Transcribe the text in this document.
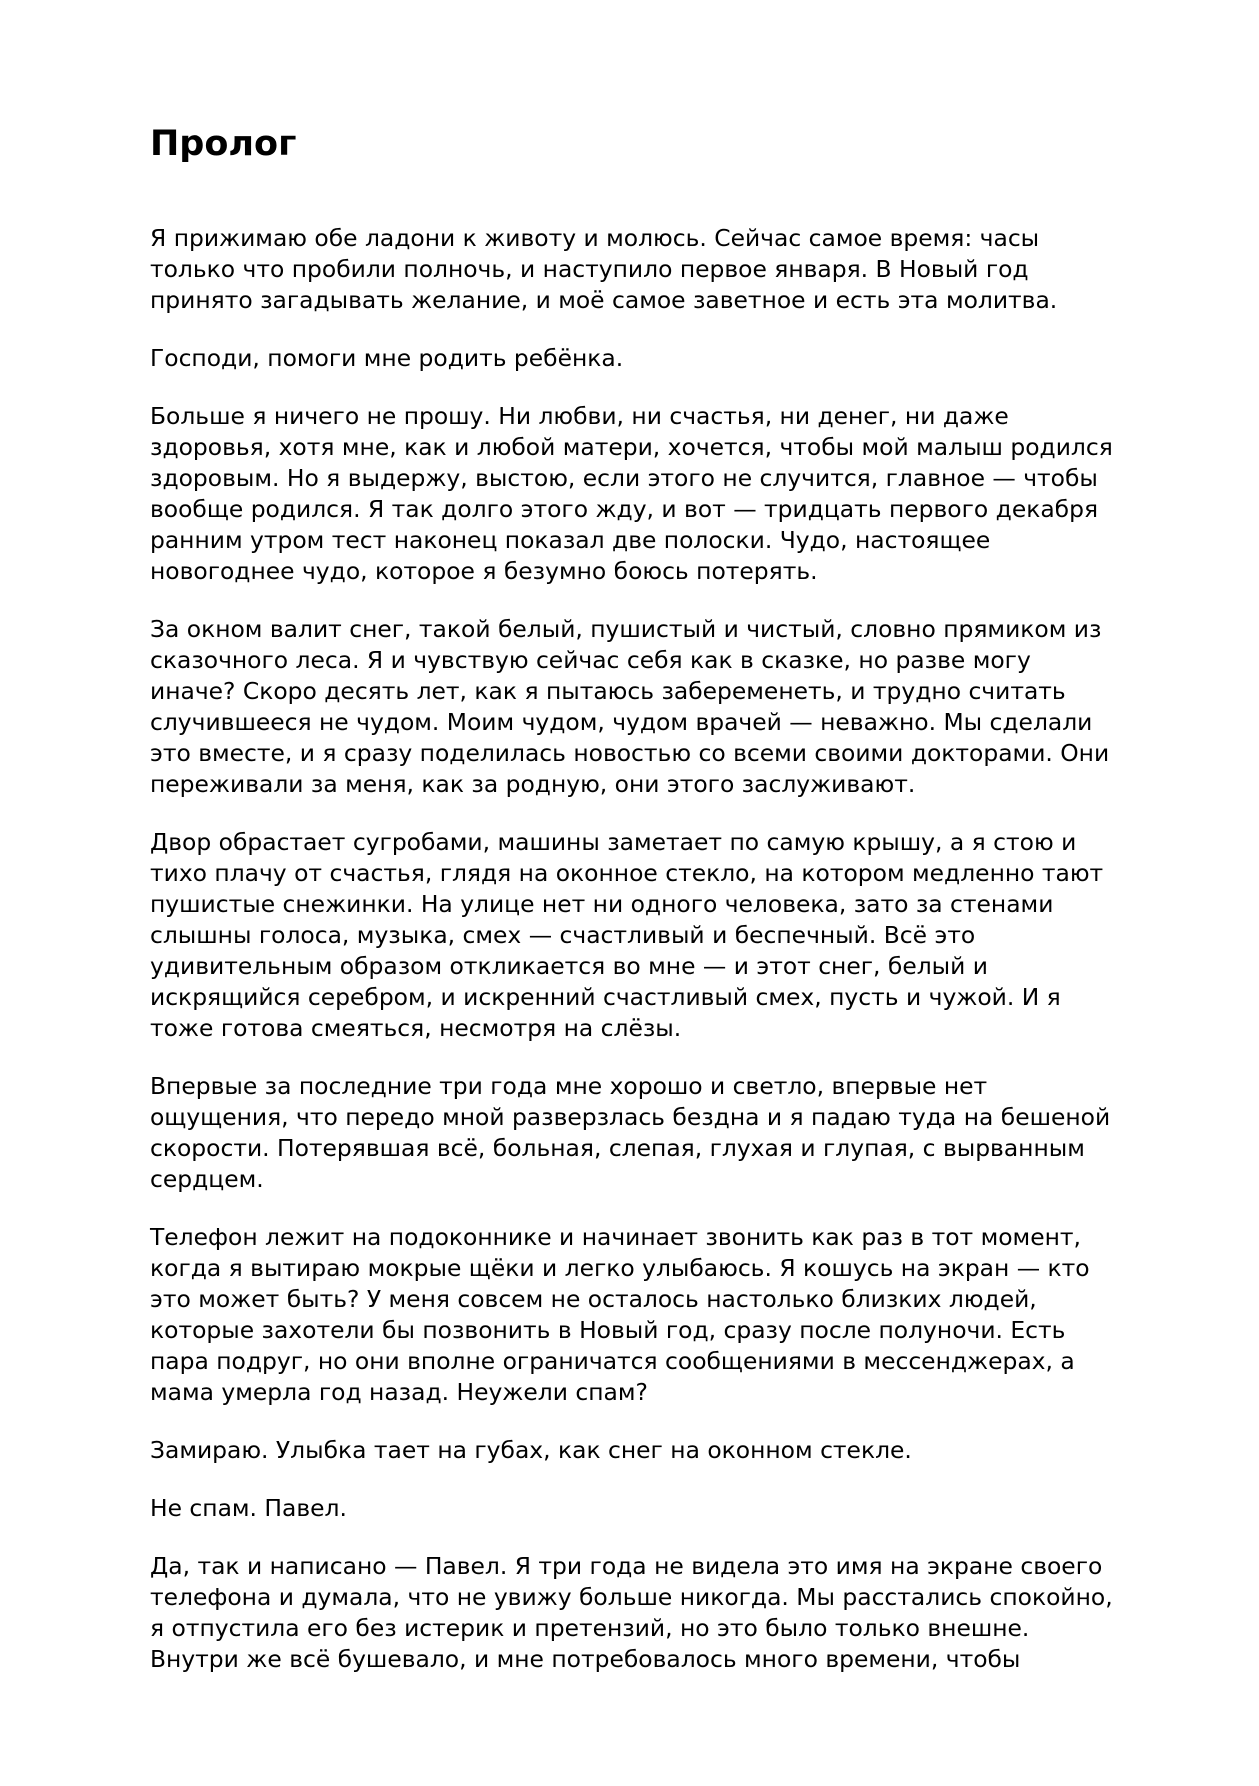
Пролог

Я прижимаю обе ладони к животу и молюсь. Сейчас самое время: часы
только что пробили полночь, и наступило первое января. В Новый год
принято загадывать желание, и моё самое заветное и есть эта молитва.

Господи, помоги мне родить ребёнка.

Больше я ничего не прошу. Ни любви, ни счастья, ни денег, ни даже
здоровья, хотя мне, как и любой матери, хочется, чтобы мой малыш родился
здоровым. Но я выдержу, выстою, если этого не случится, главное — чтобы
вообще родился. Я так долго этого жду, и вот — тридцать первого декабря
ранним утром тест наконец показал две полоски. Чудо, настоящее
новогоднее чудо, которое я безумно боюсь потерять.

За окном валит снег, такой белый, пушистый и чистый, словно прямиком из
сказочного леса. Я и чувствую сейчас себя как в сказке, но разве могу
иначе? Скоро десять лет, как я пытаюсь забеременеть, и трудно считать
случившееся не чудом. Моим чудом, чудом врачей — неважно. Мы сделали
это вместе, и я сразу поделилась новостью со всеми своими докторами. Они
переживали за меня, как за родную, они этого заслуживают.

Двор обрастает сугробами, машины заметает по самую крышу, а я стою и
тихо плачу от счастья, глядя на оконное стекло, на котором медленно тают
пушистые снежинки. На улице нет ни одного человека, зато за стенами
слышны голоса, музыка, смех — счастливый и беспечный. Всё это
удивительным образом откликается во мне — и этот снег, белый и
искрящийся серебром, и искренний счастливый смех, пусть и чужой. И я
тоже готова смеяться, несмотря на слёзы.

Впервые за последние три года мне хорошо и светло, впервые нет
ощущения, что передо мной разверзлась бездна и я падаю туда на бешеной
скорости. Потерявшая всё, больная, слепая, глухая и глупая, с вырванным
сердцем.

Телефон лежит на подоконнике и начинает звонить как раз в тот момент,
когда я вытираю мокрые щёки и легко улыбаюсь. Я кошусь на экран — кто
это может быть? У меня совсем не осталось настолько близких людей,
которые захотели бы позвонить в Новый год, сразу после полуночи. Есть
пара подруг, но они вполне ограничатся сообщениями в мессенджерах, а
мама умерла год назад. Неужели спам?

Замираю. Улыбка тает на губах, как снег на оконном стекле.

Не спам. Павел.

Да, так и написано — Павел. Я три года не видела это имя на экране своего
телефона и думала, что не увижу больше никогда. Мы расстались спокойно,
я отпустила его без истерик и претензий, но это было только внешне.
Внутри же всё бушевало, и мне потребовалось много времени, чтобы
